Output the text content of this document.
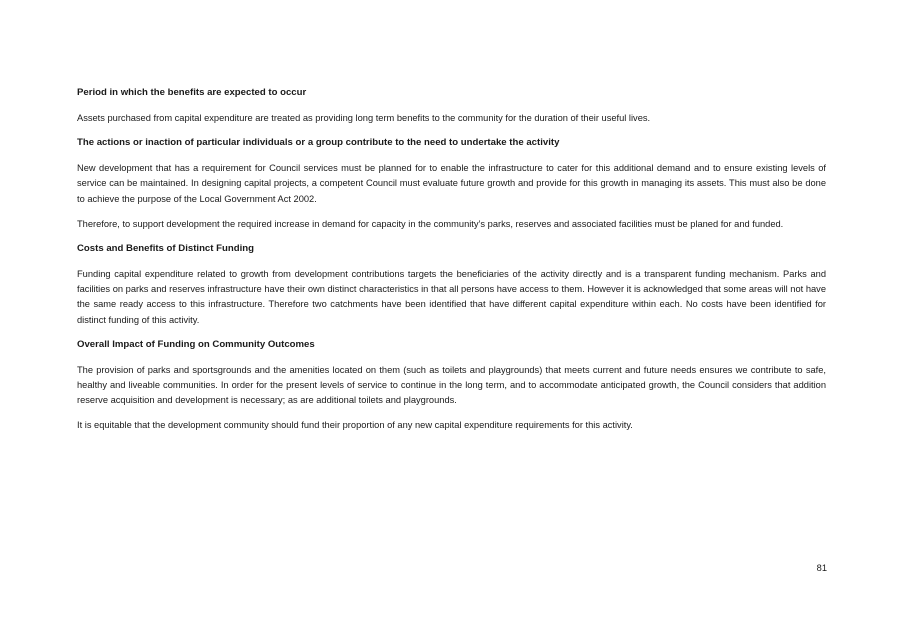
Period in which the benefits are expected to occur
Assets purchased from capital expenditure are treated as providing long term benefits to the community for the duration of their useful lives.
The actions or inaction of particular individuals or a group contribute to the need to undertake the activity
New development that has a requirement for Council services must be planned for to enable the infrastructure to cater for this additional demand and to ensure existing levels of service can be maintained. In designing capital projects, a competent Council must evaluate future growth and provide for this growth in managing its assets. This must also be done to achieve the purpose of the Local Government Act 2002.
Therefore, to support development the required increase in demand for capacity in the community’s parks, reserves and associated facilities must be planed for and funded.
Costs and Benefits of Distinct Funding
Funding capital expenditure related to growth from development contributions targets the beneficiaries of the activity directly and is a transparent funding mechanism. Parks and facilities on parks and reserves infrastructure have their own distinct characteristics in that all persons have access to them. However it is acknowledged that some areas will not have the same ready access to this infrastructure. Therefore two catchments have been identified that have different capital expenditure within each. No costs have been identified for distinct funding of this activity.
Overall Impact of Funding on Community Outcomes
The provision of parks and sportsgrounds and the amenities located on them (such as toilets and playgrounds) that meets current and future needs ensures we contribute to safe, healthy and liveable communities. In order for the present levels of service to continue in the long term, and to accommodate anticipated growth, the Council considers that addition reserve acquisition and development is necessary; as are additional toilets and playgrounds.
It is equitable that the development community should fund their proportion of any new capital expenditure requirements for this activity.
81
